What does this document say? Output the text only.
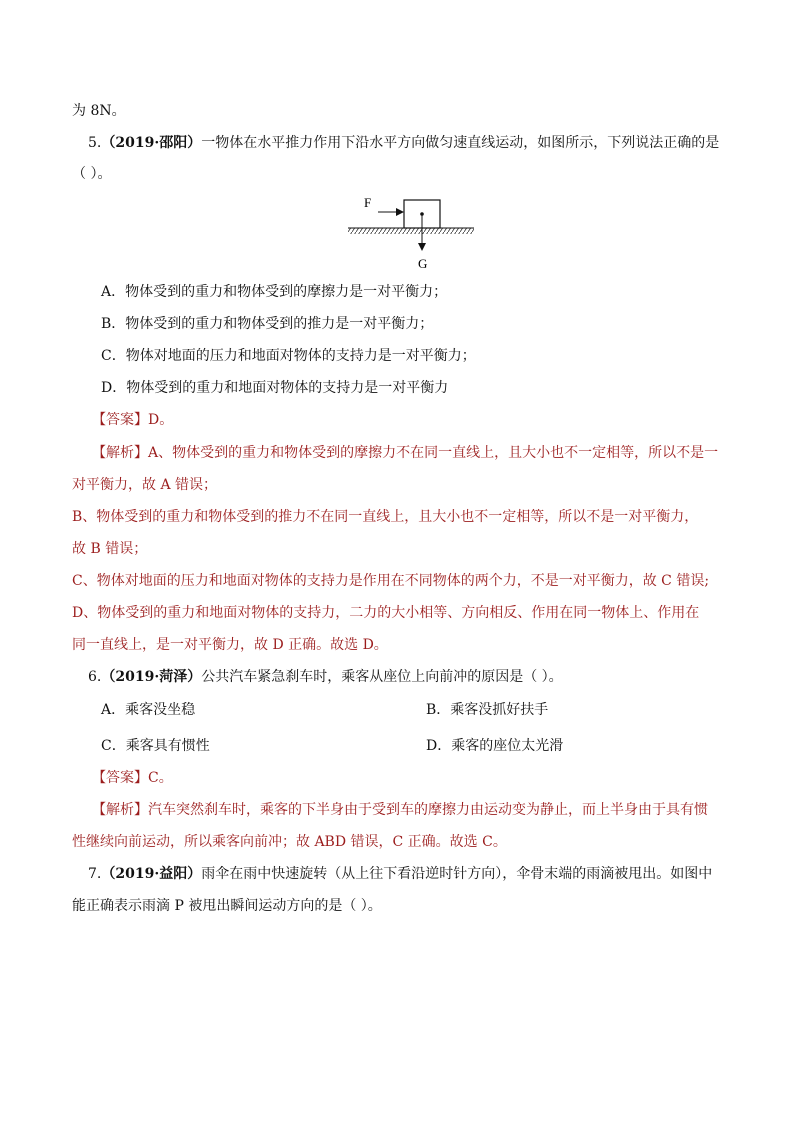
为 8N。
5.（2019·邵阳）一物体在水平推力作用下沿水平方向做匀速直线运动，如图所示，下列说法正确的是
（ ）。
F
G
A．物体受到的重力和物体受到的摩擦力是一对平衡力；
B．物体受到的重力和物体受到的推力是一对平衡力；
C．物体对地面的压力和地面对物体的支持力是一对平衡力；
D．物体受到的重力和地面对物体的支持力是一对平衡力
【答案】D。
【解析】A、物体受到的重力和物体受到的摩擦力不在同一直线上，且大小也不一定相等，所以不是一
对平衡力，故 A 错误；
B、物体受到的重力和物体受到的推力不在同一直线上，且大小也不一定相等，所以不是一对平衡力，
故 B 错误；
C、物体对地面的压力和地面对物体的支持力是作用在不同物体的两个力，不是一对平衡力，故 C 错误;
D、物体受到的重力和地面对物体的支持力，二力的大小相等、方向相反、作用在同一物体上、作用在
同一直线上，是一对平衡力，故 D 正确。故选 D。
6.（2019·菏泽）公共汽车紧急刹车时，乘客从座位上向前冲的原因是（ ）。
A．乘客没坐稳	B．乘客没抓好扶手
C．乘客具有惯性	D．乘客的座位太光滑
【答案】C。
【解析】汽车突然刹车时，乘客的下半身由于受到车的摩擦力由运动变为静止，而上半身由于具有惯
性继续向前运动，所以乘客向前冲；故 ABD 错误，C 正确。故选 C。
7.（2019·益阳）雨伞在雨中快速旋转（从上往下看沿逆时针方向），伞骨末端的雨滴被甩出。如图中
能正确表示雨滴 P 被甩出瞬间运动方向的是（ ）。
